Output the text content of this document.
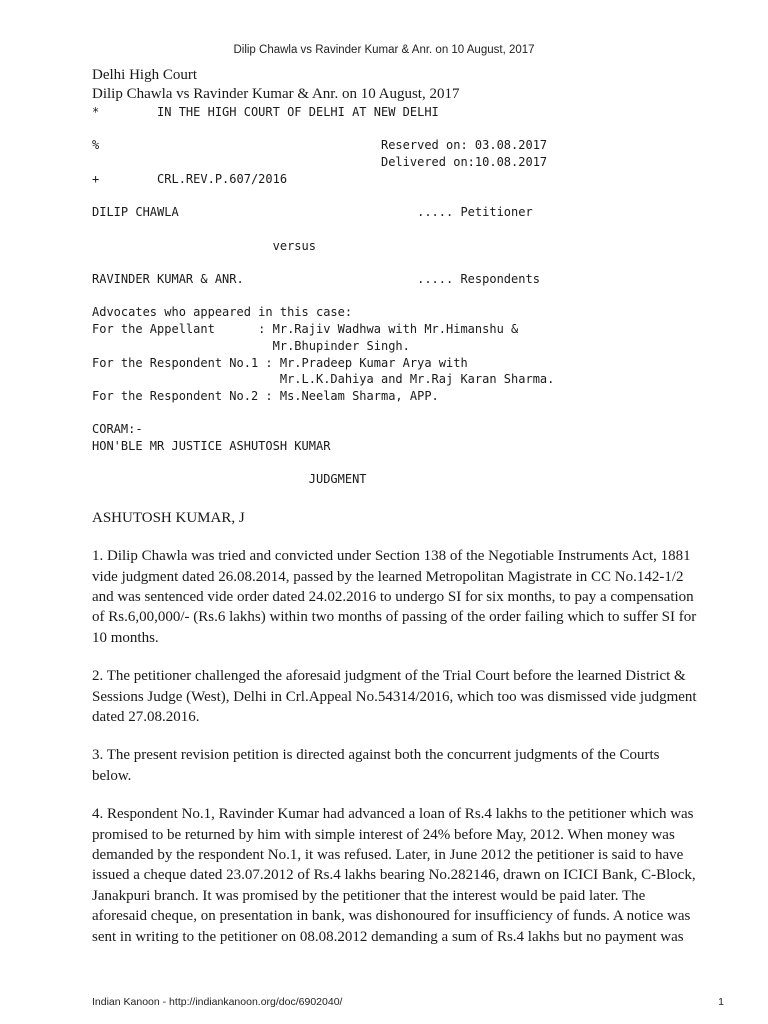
Dilip Chawla vs Ravinder Kumar & Anr. on 10 August, 2017

Delhi High Court

Dilip Chawla vs Ravinder Kumar & Anr. on 10 August, 2017

*        IN THE HIGH COURT OF DELHI AT NEW DELHI

%                                       Reserved on: 03.08.2017
Delivered on:10.08.2017
+        CRL.REV.P.607/2016

DILIP CHAWLA                                 ..... Petitioner

versus

RAVINDER KUMAR & ANR.                        ..... Respondents

Advocates who appeared in this case:
For the Appellant      : Mr.Rajiv Wadhwa with Mr.Himanshu &
Mr.Bhupinder Singh.
For the Respondent No.1 : Mr.Pradeep Kumar Arya with
Mr.L.K.Dahiya and Mr.Raj Karan Sharma.
For the Respondent No.2 : Ms.Neelam Sharma, APP.

CORAM:-
HON'BLE MR JUSTICE ASHUTOSH KUMAR

JUDGMENT
ASHUTOSH KUMAR, J
1. Dilip Chawla was tried and convicted under Section 138 of the Negotiable Instruments Act, 1881
vide judgment dated 26.08.2014, passed by the learned Metropolitan Magistrate in CC No.142-1/2
and was sentenced vide order dated 24.02.2016 to undergo SI for six months, to pay a compensation
of Rs.6,00,000/- (Rs.6 lakhs) within two months of passing of the order failing which to suffer SI for
10 months.
2. The petitioner challenged the aforesaid judgment of the Trial Court before the learned District &
Sessions Judge (West), Delhi in Crl.Appeal No.54314/2016, which too was dismissed vide judgment
dated 27.08.2016.
3. The present revision petition is directed against both the concurrent judgments of the Courts
below.
4. Respondent No.1, Ravinder Kumar had advanced a loan of Rs.4 lakhs to the petitioner which was
promised to be returned by him with simple interest of 24% before May, 2012. When money was
demanded by the respondent No.1, it was refused. Later, in June 2012 the petitioner is said to have
issued a cheque dated 23.07.2012 of Rs.4 lakhs bearing No.282146, drawn on ICICI Bank, C-Block,
Janakpuri branch. It was promised by the petitioner that the interest would be paid later. The
aforesaid cheque, on presentation in bank, was dishonoured for insufficiency of funds. A notice was
sent in writing to the petitioner on 08.08.2012 demanding a sum of Rs.4 lakhs but no payment was
Indian Kanoon - http://indiankanoon.org/doc/6902040/	1
